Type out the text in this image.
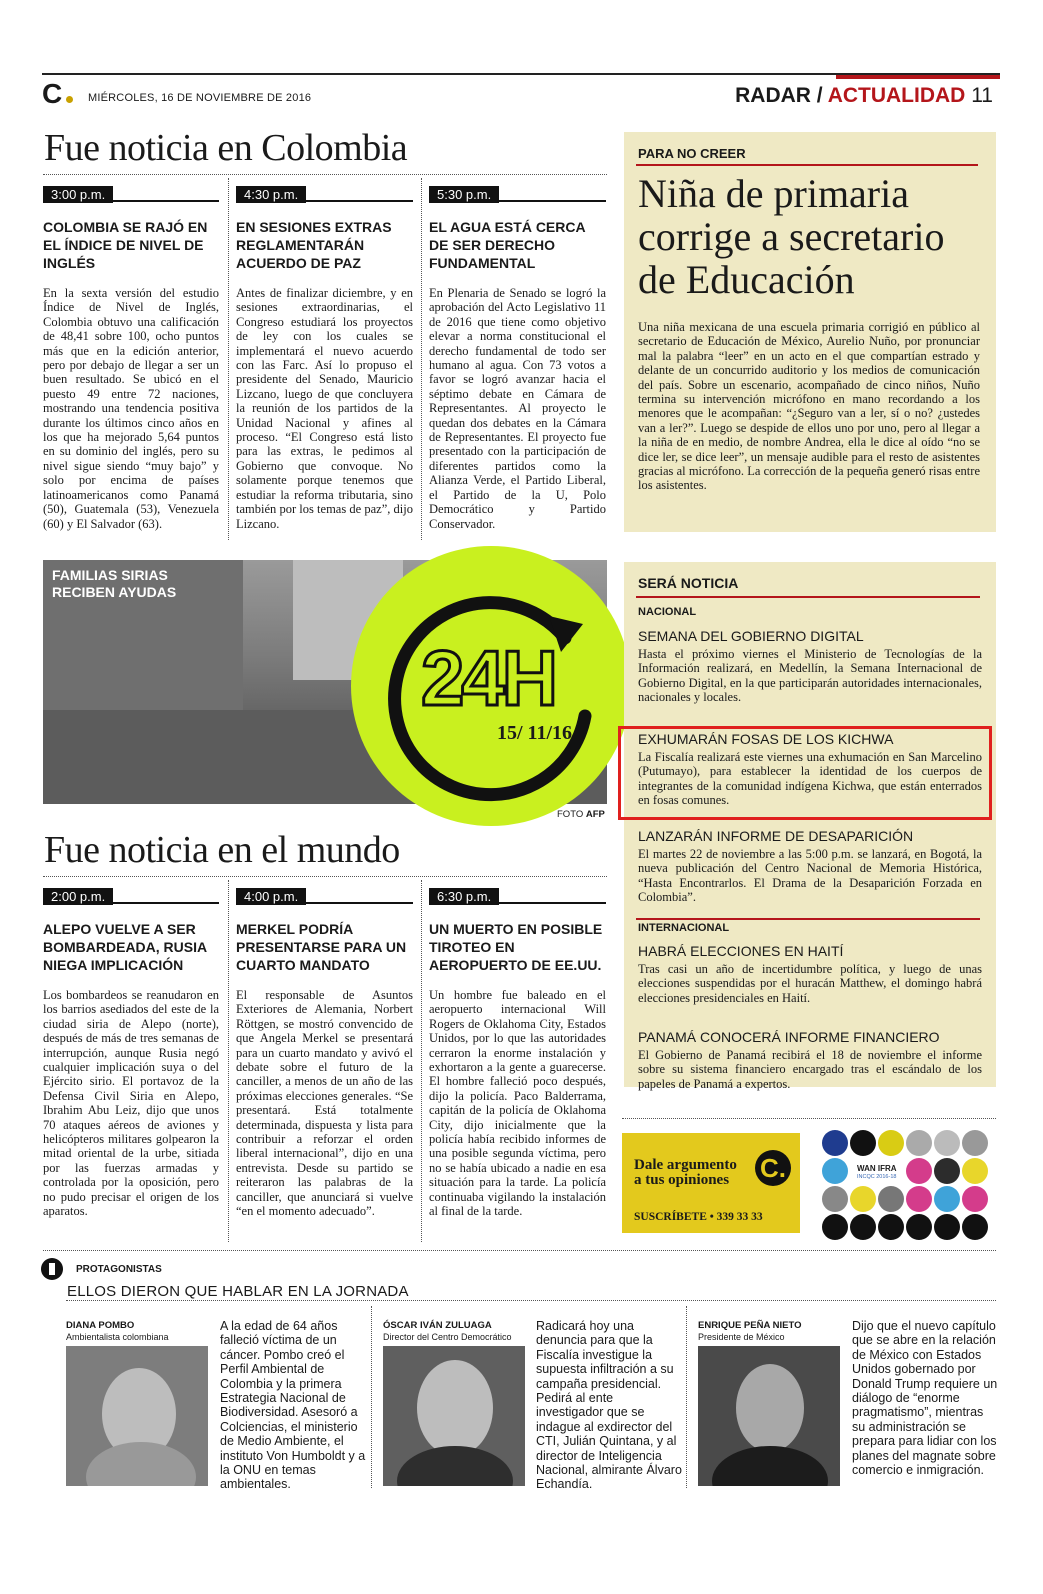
C MIÉRCOLES, 16 DE NOVIEMBRE DE 2016	RADAR / ACTUALIDAD 11
Fue noticia en Colombia
3:00 p.m.
COLOMBIA SE RAJÓ EN EL ÍNDICE DE NIVEL DE INGLÉS
En la sexta versión del estudio Índice de Nivel de Inglés, Colombia obtuvo una calificación de 48,41 sobre 100, ocho puntos más que en la edición anterior, pero por debajo de llegar a ser un buen resultado. Se ubicó en el puesto 49 entre 72 naciones, mostrando una tendencia positiva durante los últimos cinco años en los que ha mejorado 5,64 puntos en su dominio del inglés, pero su nivel sigue siendo “muy bajo” y solo por encima de países latinoamericanos como Panamá (50), Guatemala (53), Venezuela (60) y El Salvador (63).
4:30 p.m.
EN SESIONES EXTRAS REGLAMENTARÁN ACUERDO DE PAZ
Antes de finalizar diciembre, y en sesiones extraordinarias, el Congreso estudiará los proyectos de ley con los cuales se implementará el nuevo acuerdo con las Farc. Así lo propuso el presidente del Senado, Mauricio Lizcano, luego de que concluyera la reunión de los partidos de la Unidad Nacional y afines al proceso. “El Congreso está listo para las extras, le pedimos al Gobierno que convoque. No solamente porque tenemos que estudiar la reforma tributaria, sino también por los temas de paz”, dijo Lizcano.
5:30 p.m.
EL AGUA ESTÁ CERCA DE SER DERECHO FUNDAMENTAL
En Plenaria de Senado se logró la aprobación del Acto Legislativo 11 de 2016 que tiene como objetivo elevar a norma constitucional el derecho fundamental de todo ser humano al agua. Con 73 votos a favor se logró avanzar hacia el séptimo debate en Cámara de Representantes. Al proyecto le quedan dos debates en la Cámara de Representantes. El proyecto fue presentado con la participación de diferentes partidos como la Alianza Verde, el Partido Liberal, el Partido de la U, Polo Democrático y Partido Conservador.
PARA NO CREER
Niña de primaria corrige a secretario de Educación
Una niña mexicana de una escuela primaria corrigió en público al secretario de Educación de México, Aurelio Nuño, por pronunciar mal la palabra “leer” en un acto en el que compartían estrado y delante de un concurrido auditorio y los medios de comunicación del país. Sobre un escenario, acompañado de cinco niños, Nuño termina su intervención micrófono en mano recordando a los menores que le acompañan: “¿Seguro van a ler, sí o no? ¿ustedes van a ler?”. Luego se despide de ellos uno por uno, pero al llegar a la niña de en medio, de nombre Andrea, ella le dice al oído “no se dice ler, se dice leer”, un mensaje audible para el resto de asistentes gracias al micrófono. La corrección de la pequeña generó risas entre los asistentes.
FAMILIAS SIRIAS
RECIBEN AYUDAS
24H
15/ 11/16
FOTO AFP
SERÁ NOTICIA
NACIONAL
SEMANA DEL GOBIERNO DIGITAL
Hasta el próximo viernes el Ministerio de Tecnologías de la Información realizará, en Medellín, la Semana Internacional de Gobierno Digital, en la que participarán autoridades internacionales, nacionales y locales.
EXHUMARÁN FOSAS DE LOS KICHWA
La Fiscalía realizará este viernes una exhumación en San Marcelino (Putumayo), para establecer la identidad de los cuerpos de integrantes de la comunidad indígena Kichwa, que están enterrados en fosas comunes.
LANZARÁN INFORME DE DESAPARICIÓN
El martes 22 de noviembre a las 5:00 p.m. se lanzará, en Bogotá, la nueva publicación del Centro Nacional de Memoria Histórica, “Hasta Encontrarlos. El Drama de la Desaparición Forzada en Colombia”.
INTERNACIONAL
HABRÁ ELECCIONES EN HAITÍ
Tras casi un año de incertidumbre política, y luego de unas elecciones suspendidas por el huracán Matthew, el domingo habrá elecciones presidenciales en Haití.
PANAMÁ CONOCERÁ INFORME FINANCIERO
El Gobierno de Panamá recibirá el 18 de noviembre el informe sobre su sistema financiero encargado tras el escándalo de los papeles de Panamá a expertos.
Fue noticia en el mundo
2:00 p.m.
ALEPO VUELVE A SER BOMBARDEADA, RUSIA NIEGA IMPLICACIÓN
Los bombardeos se reanudaron en los barrios asediados del este de la ciudad siria de Alepo (norte), después de más de tres semanas de interrupción, aunque Rusia negó cualquier implicación suya o del Ejército sirio. El portavoz de la Defensa Civil Siria en Alepo, Ibrahim Abu Leiz, dijo que unos 70 ataques aéreos de aviones y helicópteros militares golpearon la mitad oriental de la urbe, sitiada por las fuerzas armadas y controlada por la oposición, pero no pudo precisar el origen de los aparatos.
4:00 p.m.
MERKEL PODRÍA PRESENTARSE PARA UN CUARTO MANDATO
El responsable de Asuntos Exteriores de Alemania, Norbert Röttgen, se mostró convencido de que Angela Merkel se presentará para un cuarto mandato y avivó el debate sobre el futuro de la canciller, a menos de un año de las próximas elecciones generales. “Se presentará. Está totalmente determinada, dispuesta y lista para contribuir a reforzar el orden liberal internacional”, dijo en una entrevista. Desde su partido se reiteraron las palabras de la canciller, que anunciará si vuelve “en el momento adecuado”.
6:30 p.m.
UN MUERTO EN POSIBLE TIROTEO EN AEROPUERTO DE EE.UU.
Un hombre fue baleado en el aeropuerto internacional Will Rogers de Oklahoma City, Estados Unidos, por lo que las autoridades cerraron la enorme instalación y exhortaron a la gente a guarecerse. El hombre falleció poco después, dijo la policía. Paco Balderrama, capitán de la policía de Oklahoma City, dijo inicialmente que la policía había recibido informes de una posible segunda víctima, pero no se había ubicado a nadie en esa situación para la tarde. La policía continuaba vigilando la instalación al final de la tarde.
Dale argumento
a tus opiniones	C.
SUSCRÍBETE • 339 33 33
WAN IFRA
INCQC 2016-18
PROTAGONISTAS
ELLOS DIERON QUE HABLAR EN LA JORNADA
DIANA POMBO
Ambientalista colombiana
A la edad de 64 años falleció víctima de un cáncer. Pombo creó el Perfil Ambiental de Colombia y la primera Estrategia Nacional de Biodiversidad. Asesoró a Colciencias, el ministerio de Medio Ambiente, el instituto Von Humboldt y a la ONU en temas ambientales.
ÓSCAR IVÁN ZULUAGA
Director del Centro Democrático
Radicará hoy una denuncia para que la Fiscalía investigue la supuesta infiltración a su campaña presidencial. Pedirá al ente investigador que se indague al exdirector del CTI, Julián Quintana, y al director de Inteligencia Nacional, almirante Álvaro Echandía.
ENRIQUE PEÑA NIETO
Presidente de México
Dijo que el nuevo capítulo que se abre en la relación de México con Estados Unidos gobernado por Donald Trump requiere un diálogo de “enorme pragmatismo”, mientras su administración se prepara para lidiar con los planes del magnate sobre comercio e inmigración.
